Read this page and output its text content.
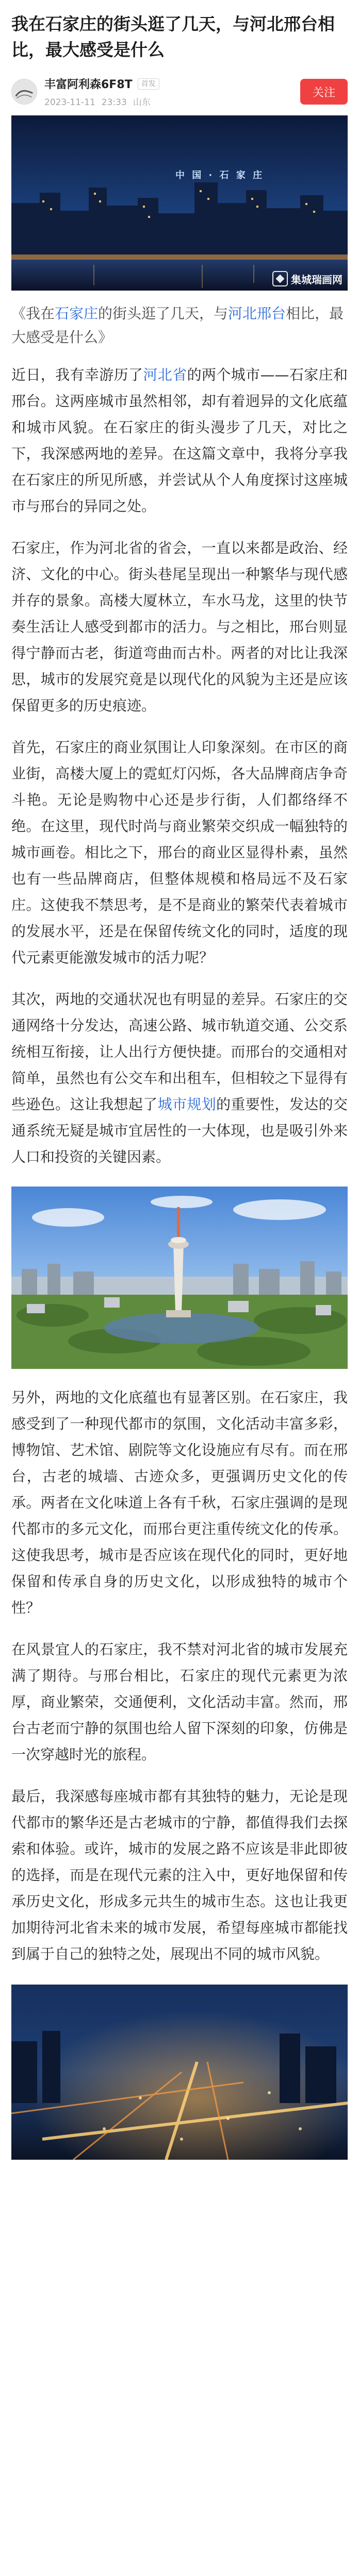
我在石家庄的街头逛了几天，与河北邢台相比，最大感受是什么
丰富阿利森6F8T	首发
2023-11-11 23:33 山东
关注
中 国 · 石 家 庄
集城瑞画网

《我在石家庄的街头逛了几天，与河北邢台相比，最大感受是什么》

近日，我有幸游历了河北省的两个城市——石家庄和邢台。这两座城市虽然相邻，却有着迥异的文化底蕴和城市风貌。在石家庄的街头漫步了几天，对比之下，我深感两地的差异。在这篇文章中，我将分享我在石家庄的所见所感，并尝试从个人角度探讨这座城市与邢台的异同之处。

石家庄，作为河北省的省会，一直以来都是政治、经济、文化的中心。街头巷尾呈现出一种繁华与现代感并存的景象。高楼大厦林立，车水马龙，这里的快节奏生活让人感受到都市的活力。与之相比，邢台则显得宁静而古老，街道弯曲而古朴。两者的对比让我深思，城市的发展究竟是以现代化的风貌为主还是应该保留更多的历史痕迹。

首先，石家庄的商业氛围让人印象深刻。在市区的商业街，高楼大厦上的霓虹灯闪烁，各大品牌商店争奇斗艳。无论是购物中心还是步行街，人们都络绎不绝。在这里，现代时尚与商业繁荣交织成一幅独特的城市画卷。相比之下，邢台的商业区显得朴素，虽然也有一些品牌商店，但整体规模和格局远不及石家庄。这使我不禁思考，是不是商业的繁荣代表着城市的发展水平，还是在保留传统文化的同时，适度的现代元素更能激发城市的活力呢？

其次，两地的交通状况也有明显的差异。石家庄的交通网络十分发达，高速公路、城市轨道交通、公交系统相互衔接，让人出行方便快捷。而邢台的交通相对简单，虽然也有公交车和出租车，但相较之下显得有些逊色。这让我想起了城市规划的重要性，发达的交通系统无疑是城市宜居性的一大体现，也是吸引外来人口和投资的关键因素。

另外，两地的文化底蕴也有显著区别。在石家庄，我感受到了一种现代都市的氛围，文化活动丰富多彩，博物馆、艺术馆、剧院等文化设施应有尽有。而在邢台，古老的城墙、古迹众多，更强调历史文化的传承。两者在文化味道上各有千秋，石家庄强调的是现代都市的多元文化，而邢台更注重传统文化的传承。这使我思考，城市是否应该在现代化的同时，更好地保留和传承自身的历史文化，以形成独特的城市个性？

在风景宜人的石家庄，我不禁对河北省的城市发展充满了期待。与邢台相比，石家庄的现代元素更为浓厚，商业繁荣，交通便利，文化活动丰富。然而，邢台古老而宁静的氛围也给人留下深刻的印象，仿佛是一次穿越时光的旅程。

最后，我深感每座城市都有其独特的魅力，无论是现代都市的繁华还是古老城市的宁静，都值得我们去探索和体验。或许，城市的发展之路不应该是非此即彼的选择，而是在现代元素的注入中，更好地保留和传承历史文化，形成多元共生的城市生态。这也让我更加期待河北省未来的城市发展，希望每座城市都能找到属于自己的独特之处，展现出不同的城市风貌。
